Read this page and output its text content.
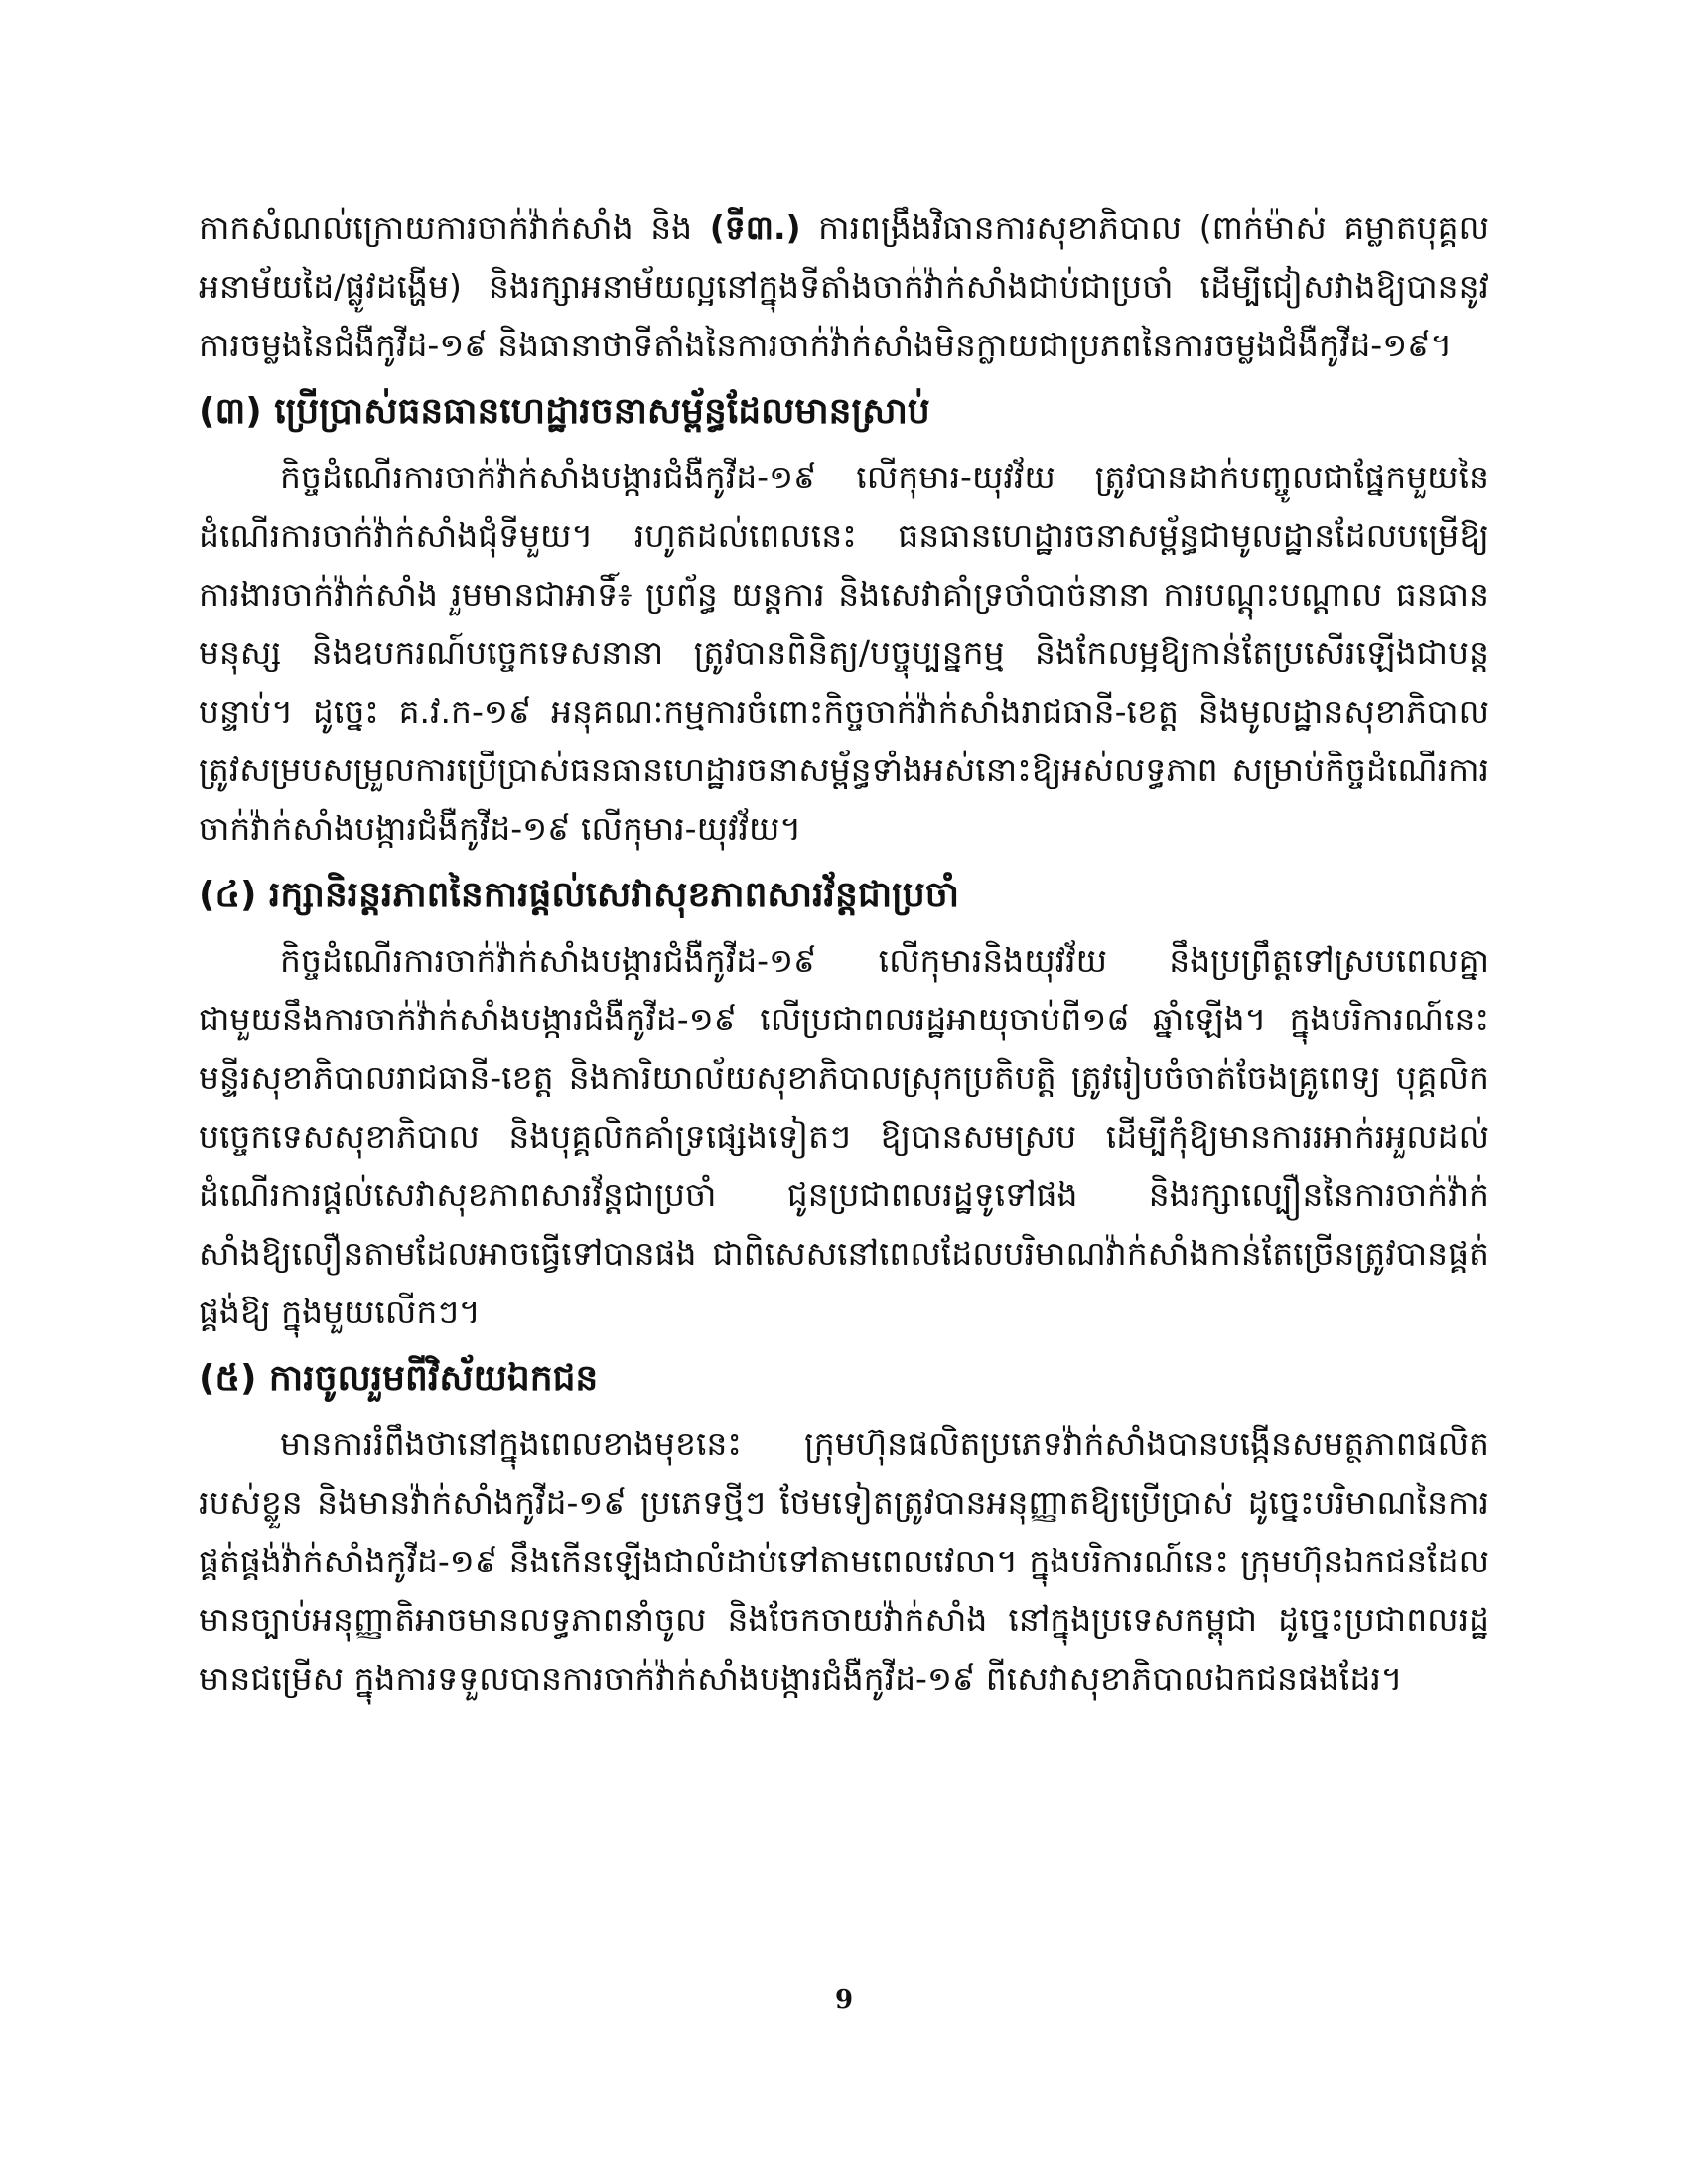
កាកសំណល់ក្រោយការចាក់វ៉ាក់សាំង និង (ទី៣.) ការពង្រឹងវិធានការសុខាភិបាល (ពាក់ម៉ាស់ គម្លាតបុគ្គល អនាម័យដៃ/ផ្លូវដង្ហើម) និងរក្សាអនាម័យល្អនៅក្នុងទីតាំងចាក់វ៉ាក់សាំងជាប់ជាប្រចាំ ដើម្បីជៀសវាងឱ្យបាននូវការចម្លងនៃជំងឺកូវីដ-១៩ និងធានាថាទីតាំងនៃការចាក់វ៉ាក់សាំងមិនក្លាយជាប្រភពនៃការចម្លងជំងឺកូវីដ-១៩។

(៣) ប្រើប្រាស់ធនធានហេដ្ឋារចនាសម្ព័ន្ធដែលមានស្រាប់

កិច្ចដំណើរការចាក់វ៉ាក់សាំងបង្ការជំងឺកូវីដ-១៩ លើកុមារ-យុវវ័យ ត្រូវបានដាក់បញ្ចូលជាផ្នែកមួយនៃដំណើរការចាក់វ៉ាក់សាំងជុំទីមួយ។ រហូតដល់ពេលនេះ ធនធានហេដ្ឋារចនាសម្ព័ន្ធជាមូលដ្ឋានដែលបម្រើឱ្យការងារចាក់វ៉ាក់សាំង រួមមានជាអាទិ៍៖ ប្រព័ន្ធ យន្តការ និងសេវាគាំទ្រចាំបាច់នានា ការបណ្ដុះបណ្ដាល ធនធានមនុស្ស និងឧបករណ៍បច្ចេកទេសនានា ត្រូវបានពិនិត្យ/បច្ចុប្បន្នកម្ម និងកែលម្អឱ្យកាន់តែប្រសើរឡើងជាបន្តបន្ទាប់។ ដូច្នេះ គ.វ.ក-១៩ អនុគណៈកម្មការចំពោះកិច្ចចាក់វ៉ាក់សាំងរាជធានី-ខេត្ត និងមូលដ្ឋានសុខាភិបាល ត្រូវសម្របសម្រួលការប្រើប្រាស់ធនធានហេដ្ឋារចនាសម្ព័ន្ធទាំងអស់នោះឱ្យអស់លទ្ធភាព សម្រាប់កិច្ចដំណើរការចាក់វ៉ាក់សាំងបង្ការជំងឺកូវីដ-១៩ លើកុមារ-យុវវ័យ។

(៤) រក្សានិរន្តរភាពនៃការផ្ដល់សេវាសុខភាពសារវ័ន្តជាប្រចាំ

កិច្ចដំណើរការចាក់វ៉ាក់សាំងបង្ការជំងឺកូវីដ-១៩ លើកុមារនិងយុវវ័យ នឹងប្រព្រឹត្តទៅស្របពេលគ្នាជាមួយនឹងការចាក់វ៉ាក់សាំងបង្ការជំងឺកូវីដ-១៩ លើប្រជាពលរដ្ឋអាយុចាប់ពី១៨ ឆ្នាំឡើង។ ក្នុងបរិការណ៍នេះ មន្ទីរសុខាភិបាលរាជធានី-ខេត្ត និងការិយាល័យសុខាភិបាលស្រុកប្រតិបត្តិ ត្រូវរៀបចំចាត់ចែងគ្រូពេទ្យ បុគ្គលិកបច្ចេកទេសសុខាភិបាល និងបុគ្គលិកគាំទ្រផ្សេងទៀតៗ ឱ្យបានសមស្រប ដើម្បីកុំឱ្យមានការរអាក់រអួលដល់ដំណើរការផ្ដល់សេវាសុខភាពសារវ័ន្តជាប្រចាំ ជូនប្រជាពលរដ្ឋទូទៅផង និងរក្សាល្បឿននៃការចាក់វ៉ាក់សាំងឱ្យលឿនតាមដែលអាចធ្វើទៅបានផង ជាពិសេសនៅពេលដែលបរិមាណវ៉ាក់សាំងកាន់តែច្រើនត្រូវបានផ្គត់ផ្គង់ឱ្យ ក្នុងមួយលើកៗ។

(៥) ការចូលរួមពីវិស័យឯកជន

មានការរំពឹងថានៅក្នុងពេលខាងមុខនេះ ក្រុមហ៊ុនផលិតប្រភេទវ៉ាក់សាំងបានបង្កើនសមត្ថភាពផលិតរបស់ខ្លួន និងមានវ៉ាក់សាំងកូវីដ-១៩ ប្រភេទថ្មីៗ ថែមទៀតត្រូវបានអនុញ្ញាតឱ្យប្រើប្រាស់ ដូច្នេះបរិមាណនៃការផ្គត់ផ្គង់វ៉ាក់សាំងកូវីដ-១៩ នឹងកើនឡើងជាលំដាប់ទៅតាមពេលវេលា។ ក្នុងបរិការណ៍នេះ ក្រុមហ៊ុនឯកជនដែលមានច្បាប់អនុញ្ញាតិអាចមានលទ្ធភាពនាំចូល និងចែកចាយវ៉ាក់សាំង នៅក្នុងប្រទេសកម្ពុជា ដូច្នេះប្រជាពលរដ្ឋមានជម្រើស ក្នុងការទទួលបានការចាក់វ៉ាក់សាំងបង្ការជំងឺកូវីដ-១៩ ពីសេវាសុខាភិបាលឯកជនផងដែរ។

9
